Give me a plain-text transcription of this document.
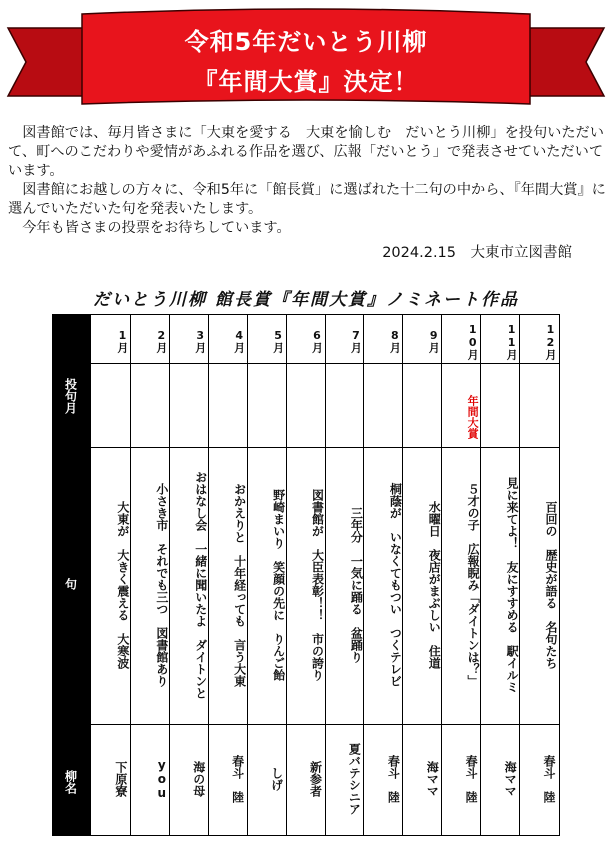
令和5年だいとう川柳
『年間大賞』決定！

　図書館では、毎月皆さまに「大東を愛する　大東を愉しむ　だいとう川柳」を投句いただいて、町へのこだわりや愛情があふれる作品を選び、広報「だいとう」で発表させていただいています。

　図書館にお越しの方々に、令和5年に「館長賞」に選ばれた十二句の中から、『年間大賞』に選んでいただいた句を発表いたします。

　今年も皆さまの投票をお待ちしています。

2024.2.15　大東市立図書館
だいとう川柳 館長賞『年間大賞』ノミネート作品
投句月
句
柳名
1月
大東が　大きく震える　大寒波
下原寮
2月
小さき市　それでも三つ　図書館あり
you
3月
おはなし会　一緒に聞いたよ　ダイトンと
海の母
4月
おかえりと　十年経っても　言う大東
春斗　陸
5月
野崎まいり　笑顔の先に　りんご飴
しげ
6月
図書館が　大臣表彰！！　市の誇り
新参者
7月
三年分　一気に踊る　盆踊り
夏バテシニア
8月
桐蔭が　いなくてもつい　つくテレビ
春斗　陸
9月
水曜日　夜店がまぶしい　住道
海ママ
10月
年間大賞
５才の子　広報睨み「ダイトンは？」
春斗　陸
11月
見に来てよ！　友にすすめる　駅イルミ
海ママ
12月
百回の　歴史が語る　名句たち
春斗　陸
